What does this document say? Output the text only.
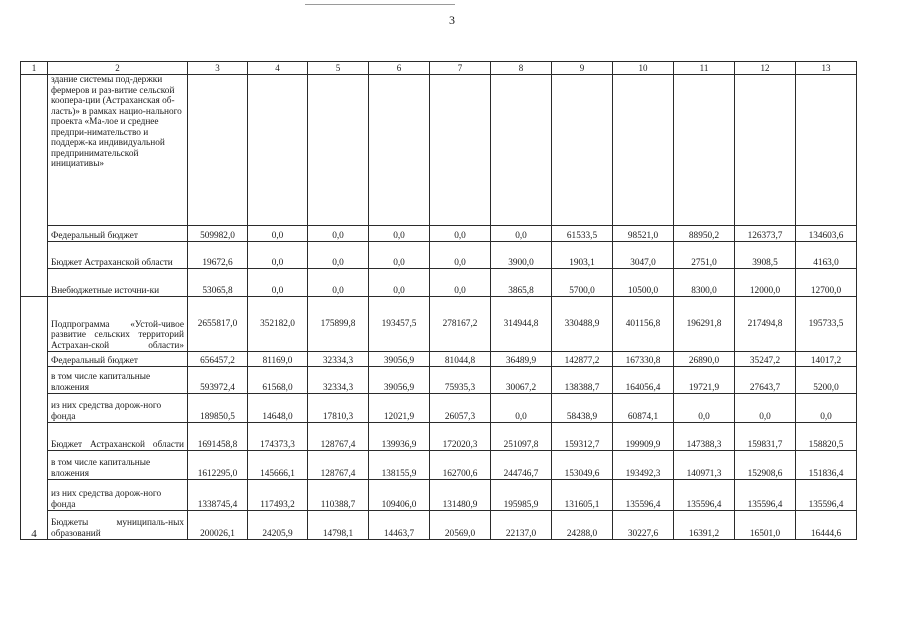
3
1	2	3	4	5	6	7	8	9	10	11	12	13
	здание системы под-держки фермеров и раз-витие сельской коопера-ции (Астраханская об-ласть)» в рамках нацио-нального проекта «Ма-лое и среднее предпри-нимательство и поддерж-ка индивидуальной предпринимательской инициативы»											
	Федеральный бюджет	509982,0	0,0	0,0	0,0	0,0	0,0	61533,5	98521,0	88950,2	126373,7	134603,6
	Бюджет Астраханской области	19672,6	0,0	0,0	0,0	0,0	3900,0	1903,1	3047,0	2751,0	3908,5	4163,0
	Внебюджетные источни-ки	53065,8	0,0	0,0	0,0	0,0	3865,8	5700,0	10500,0	8300,0	12000,0	12700,0
4	Подпрограмма «Устой-чивое развитие сельских территорий Астрахан-ской области»	2655817,0	352182,0	175899,8	193457,5	278167,2	314944,8	330488,9	401156,8	196291,8	217494,8	195733,5
	Федеральный бюджет	656457,2	81169,0	32334,3	39056,9	81044,8	36489,9	142877,2	167330,8	26890,0	35247,2	14017,2
	в том числе капитальные вложения	593972,4	61568,0	32334,3	39056,9	75935,3	30067,2	138388,7	164056,4	19721,9	27643,7	5200,0
	из них средства дорож-ного фонда	189850,5	14648,0	17810,3	12021,9	26057,3	0,0	58438,9	60874,1	0,0	0,0	0,0
	Бюджет Астраханской области	1691458,8	174373,3	128767,4	139936,9	172020,3	251097,8	159312,7	199909,9	147388,3	159831,7	158820,5
	в том числе капитальные вложения	1612295,0	145666,1	128767,4	138155,9	162700,6	244746,7	153049,6	193492,3	140971,3	152908,6	151836,4
	из них средства дорож-ного фонда	1338745,4	117493,2	110388,7	109406,0	131480,9	195985,9	131605,1	135596,4	135596,4	135596,4	135596,4
	Бюджеты муниципаль-ных образований	200026,1	24205,9	14798,1	14463,7	20569,0	22137,0	24288,0	30227,6	16391,2	16501,0	16444,6
